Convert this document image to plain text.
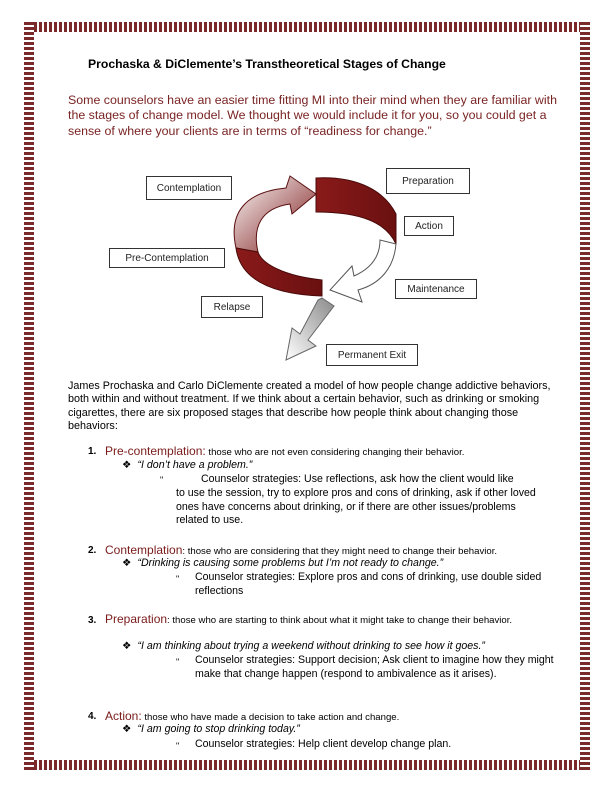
Prochaska & DiClemente’s Transtheoretical Stages of Change
Some counselors have an easier time fitting MI into their mind when they are familiar with the stages of change model. We thought we would include it for you, so you could get a sense of where your clients are in terms of “readiness for change.”
Contemplation
Preparation
Action
Pre-Contemplation
Maintenance
Relapse
Permanent Exit
James Prochaska and Carlo DiClemente created a model of how people change addictive behaviors, both within and without treatment. If we think about a certain behavior, such as drinking or smoking cigarettes, there are six proposed stages that describe how people think about changing those behaviors:
1. Pre-contemplation: those who are not even considering changing their behavior.
❖ “I don’t have a problem.”
"	Counselor strategies: Use reflections, ask how the client would like
to use the session, try to explore pros and cons of drinking, ask if other loved ones have concerns about drinking, or if there are other issues/problems related to use.
2. Contemplation: those who are considering that they might need to change their behavior.
❖ “Drinking is causing some problems but I’m not ready to change.”
" Counselor strategies: Explore pros and cons of drinking, use double sided reflections
3. Preparation: those who are starting to think about what it might take to change their behavior.
❖ “I am thinking about trying a weekend without drinking to see how it goes.”
" Counselor strategies: Support decision; Ask client to imagine how they might make that change happen (respond to ambivalence as it arises).
4. Action: those who have made a decision to take action and change.
❖ “I am going to stop drinking today.”
" Counselor strategies: Help client develop change plan.
